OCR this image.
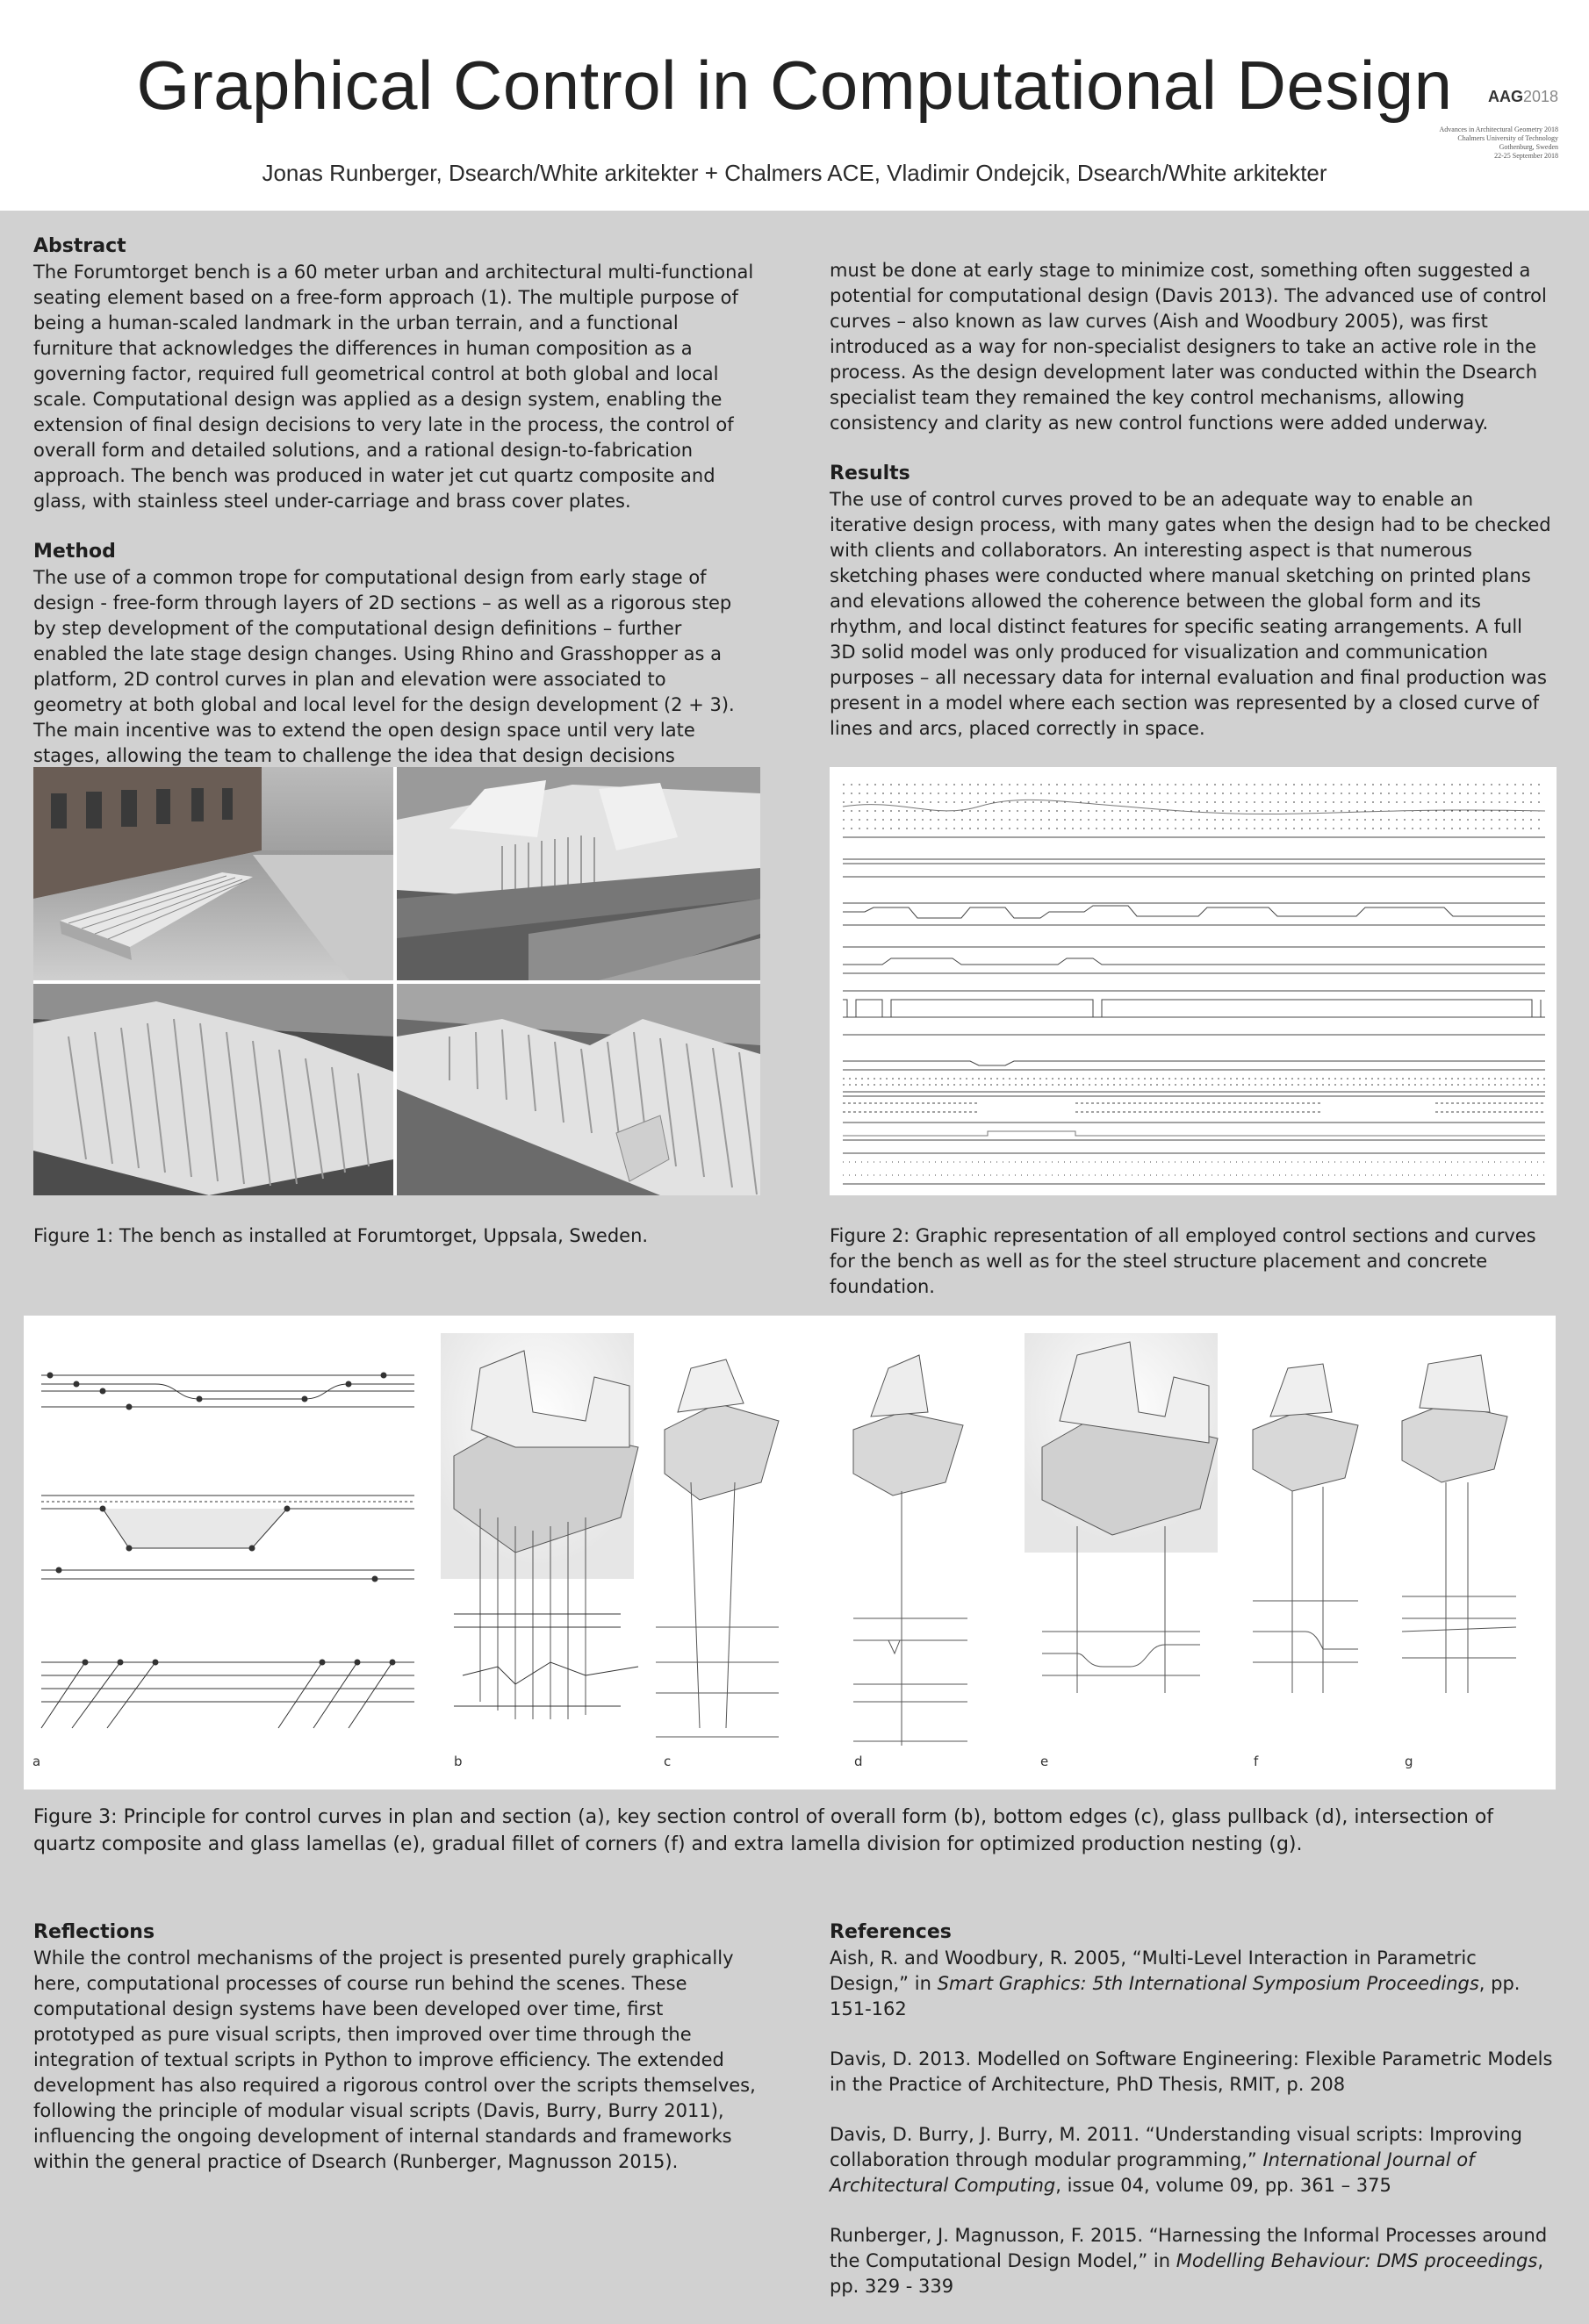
Graphical Control in Computational Design
Jonas Runberger, Dsearch/White arkitekter + Chalmers ACE, Vladimir Ondejcik, Dsearch/White arkitekter
AAG2018
Advances in Architectural Geometry 2018
Chalmers University of Technology
Gothenburg, Sweden
22-25 September 2018
Abstract

The Forumtorget bench is a 60 meter urban and architectural multi-functional seating element based on a free-form approach (1). The multiple purpose of being a human-scaled landmark in the urban terrain, and a functional furniture that acknowledges the differences in human composition as a governing factor, required full geometrical control at both global and local scale. Computational design was applied as a design system, enabling the extension of final design decisions to very late in the process, the control of overall form and detailed solutions, and a rational design-to-fabrication approach. The bench was produced in water jet cut quartz composite and glass, with stainless steel under-carriage and brass cover plates.

Method

The use of a common trope for computational design from early stage of design - free-form through layers of 2D sections – as well as a rigorous step by step development of the computational design definitions – further enabled the late stage design changes. Using Rhino and Grasshopper as a platform, 2D control curves in plan and elevation were associated to geometry at both global and local level for the design development (2 + 3). The main incentive was to extend the open design space until very late stages, allowing the team to challenge the idea that design decisions

must be done at early stage to minimize cost, something often suggested a potential for computational design (Davis 2013). The advanced use of control curves – also known as law curves (Aish and Woodbury 2005), was first introduced as a way for non-specialist designers to take an active role in the process. As the design development later was conducted within the Dsearch specialist team they remained the key control mechanisms, allowing consistency and clarity as new control functions were added underway.

Results

The use of control curves proved to be an adequate way to enable an iterative design process, with many gates when the design had to be checked with clients and collaborators. An interesting aspect is that numerous sketching phases were conducted where manual sketching on printed plans and elevations allowed the coherence between the global form and its rhythm, and local distinct features for specific seating arrangements. A full 3D solid model was only produced for visualization and communication purposes – all necessary data for internal evaluation and final production was present in a model where each section was represented by a closed curve of lines and arcs, placed correctly in space.

Figure 1: The bench as installed at Forumtorget, Uppsala, Sweden.	Figure 2: Graphic representation of all employed control sections and curves for the bench as well as for the steel structure placement and concrete foundation.
a	b	c	d	e	f	g
Figure 3: Principle for control curves in plan and section (a), key section control of overall form (b), bottom edges (c), glass pullback (d), intersection of quartz composite and glass lamellas (e), gradual fillet of corners (f) and extra lamella division for optimized production nesting (g).
Reflections

While the control mechanisms of the project is presented purely graphically here, computational processes of course run behind the scenes. These computational design systems have been developed over time, first prototyped as pure visual scripts, then improved over time through the integration of textual scripts in Python to improve efficiency. The extended development has also required a rigorous control over the scripts themselves, following the principle of modular visual scripts (Davis, Burry, Burry 2011), influencing the ongoing development of internal standards and frameworks within the general practice of Dsearch (Runberger, Magnusson 2015).

References

Aish, R. and Woodbury, R. 2005, “Multi-Level Interaction in Parametric Design,” in Smart Graphics: 5th International Symposium Proceedings, pp. 151-162

Davis, D. 2013. Modelled on Software Engineering: Flexible Parametric Models in the Practice of Architecture, PhD Thesis, RMIT, p. 208

Davis, D. Burry, J. Burry, M. 2011. “Understanding visual scripts: Improving collaboration through modular programming,” International Journal of Architectural Computing, issue 04, volume 09, pp. 361 – 375

Runberger, J. Magnusson, F. 2015. “Harnessing the Informal Processes around the Computational Design Model,” in Modelling Behaviour: DMS proceedings, pp. 329 - 339
